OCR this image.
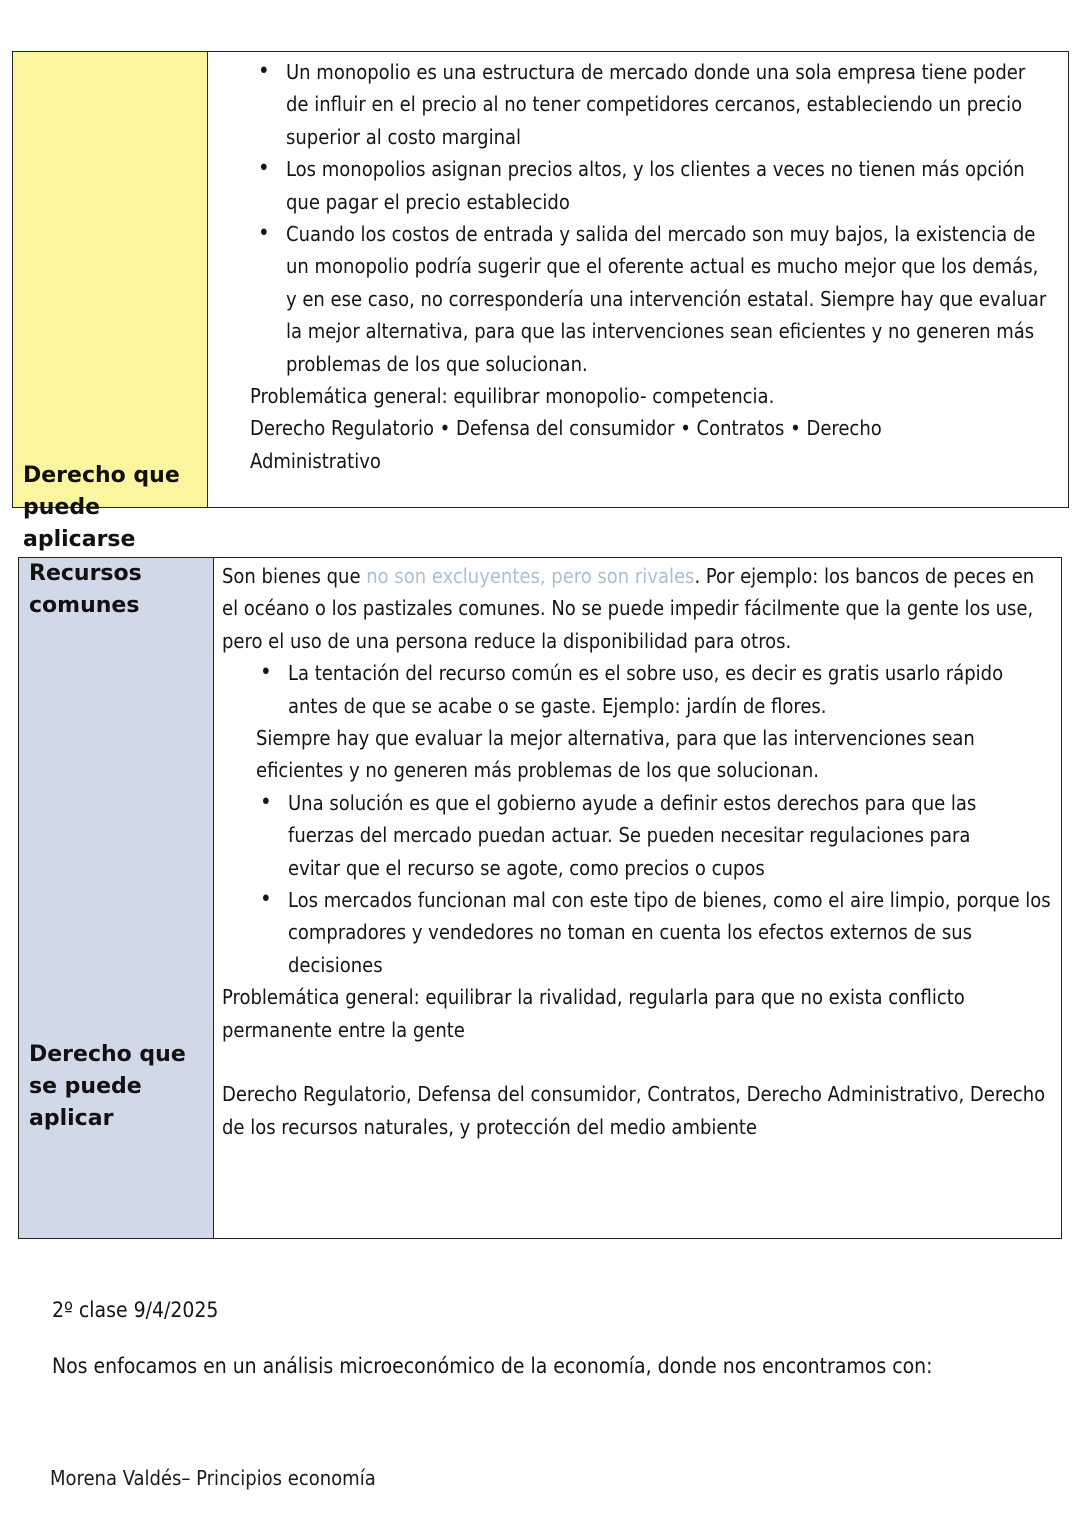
Derecho que
puede
aplicarse
• Un monopolio es una estructura de mercado donde una sola empresa tiene poder de influir en el precio al no tener competidores cercanos, estableciendo un precio superior al costo marginal
• Los monopolios asignan precios altos, y los clientes a veces no tienen más opción que pagar el precio establecido
• Cuando los costos de entrada y salida del mercado son muy bajos, la existencia de un monopolio podría sugerir que el oferente actual es mucho mejor que los demás, y en ese caso, no correspondería una intervención estatal. Siempre hay que evaluar la mejor alternativa, para que las intervenciones sean eficientes y no generen más problemas de los que solucionan.

Problemática general: equilibrar monopolio- competencia.

Derecho Regulatorio • Defensa del consumidor • Contratos • Derecho Administrativo

Recursos
comunes
Derecho que
se puede
aplicar

Son bienes que no son excluyentes, pero son rivales. Por ejemplo: los bancos de peces en el océano o los pastizales comunes. No se puede impedir fácilmente que la gente los use, pero el uso de una persona reduce la disponibilidad para otros.

• La tentación del recurso común es el sobre uso, es decir es gratis usarlo rápido antes de que se acabe o se gaste. Ejemplo: jardín de flores.

Siempre hay que evaluar la mejor alternativa, para que las intervenciones sean eficientes y no generen más problemas de los que solucionan.

• Una solución es que el gobierno ayude a definir estos derechos para que las fuerzas del mercado puedan actuar. Se pueden necesitar regulaciones para evitar que el recurso se agote, como precios o cupos
• Los mercados funcionan mal con este tipo de bienes, como el aire limpio, porque los compradores y vendedores no toman en cuenta los efectos externos de sus decisiones

Problemática general: equilibrar la rivalidad, regularla para que no exista conflicto permanente entre la gente

Derecho Regulatorio, Defensa del consumidor, Contratos, Derecho Administrativo, Derecho de los recursos naturales, y protección del medio ambiente

2º clase 9/4/2025
Nos enfocamos en un análisis microeconómico de la economía, donde nos encontramos con:
Morena Valdés– Principios economía
